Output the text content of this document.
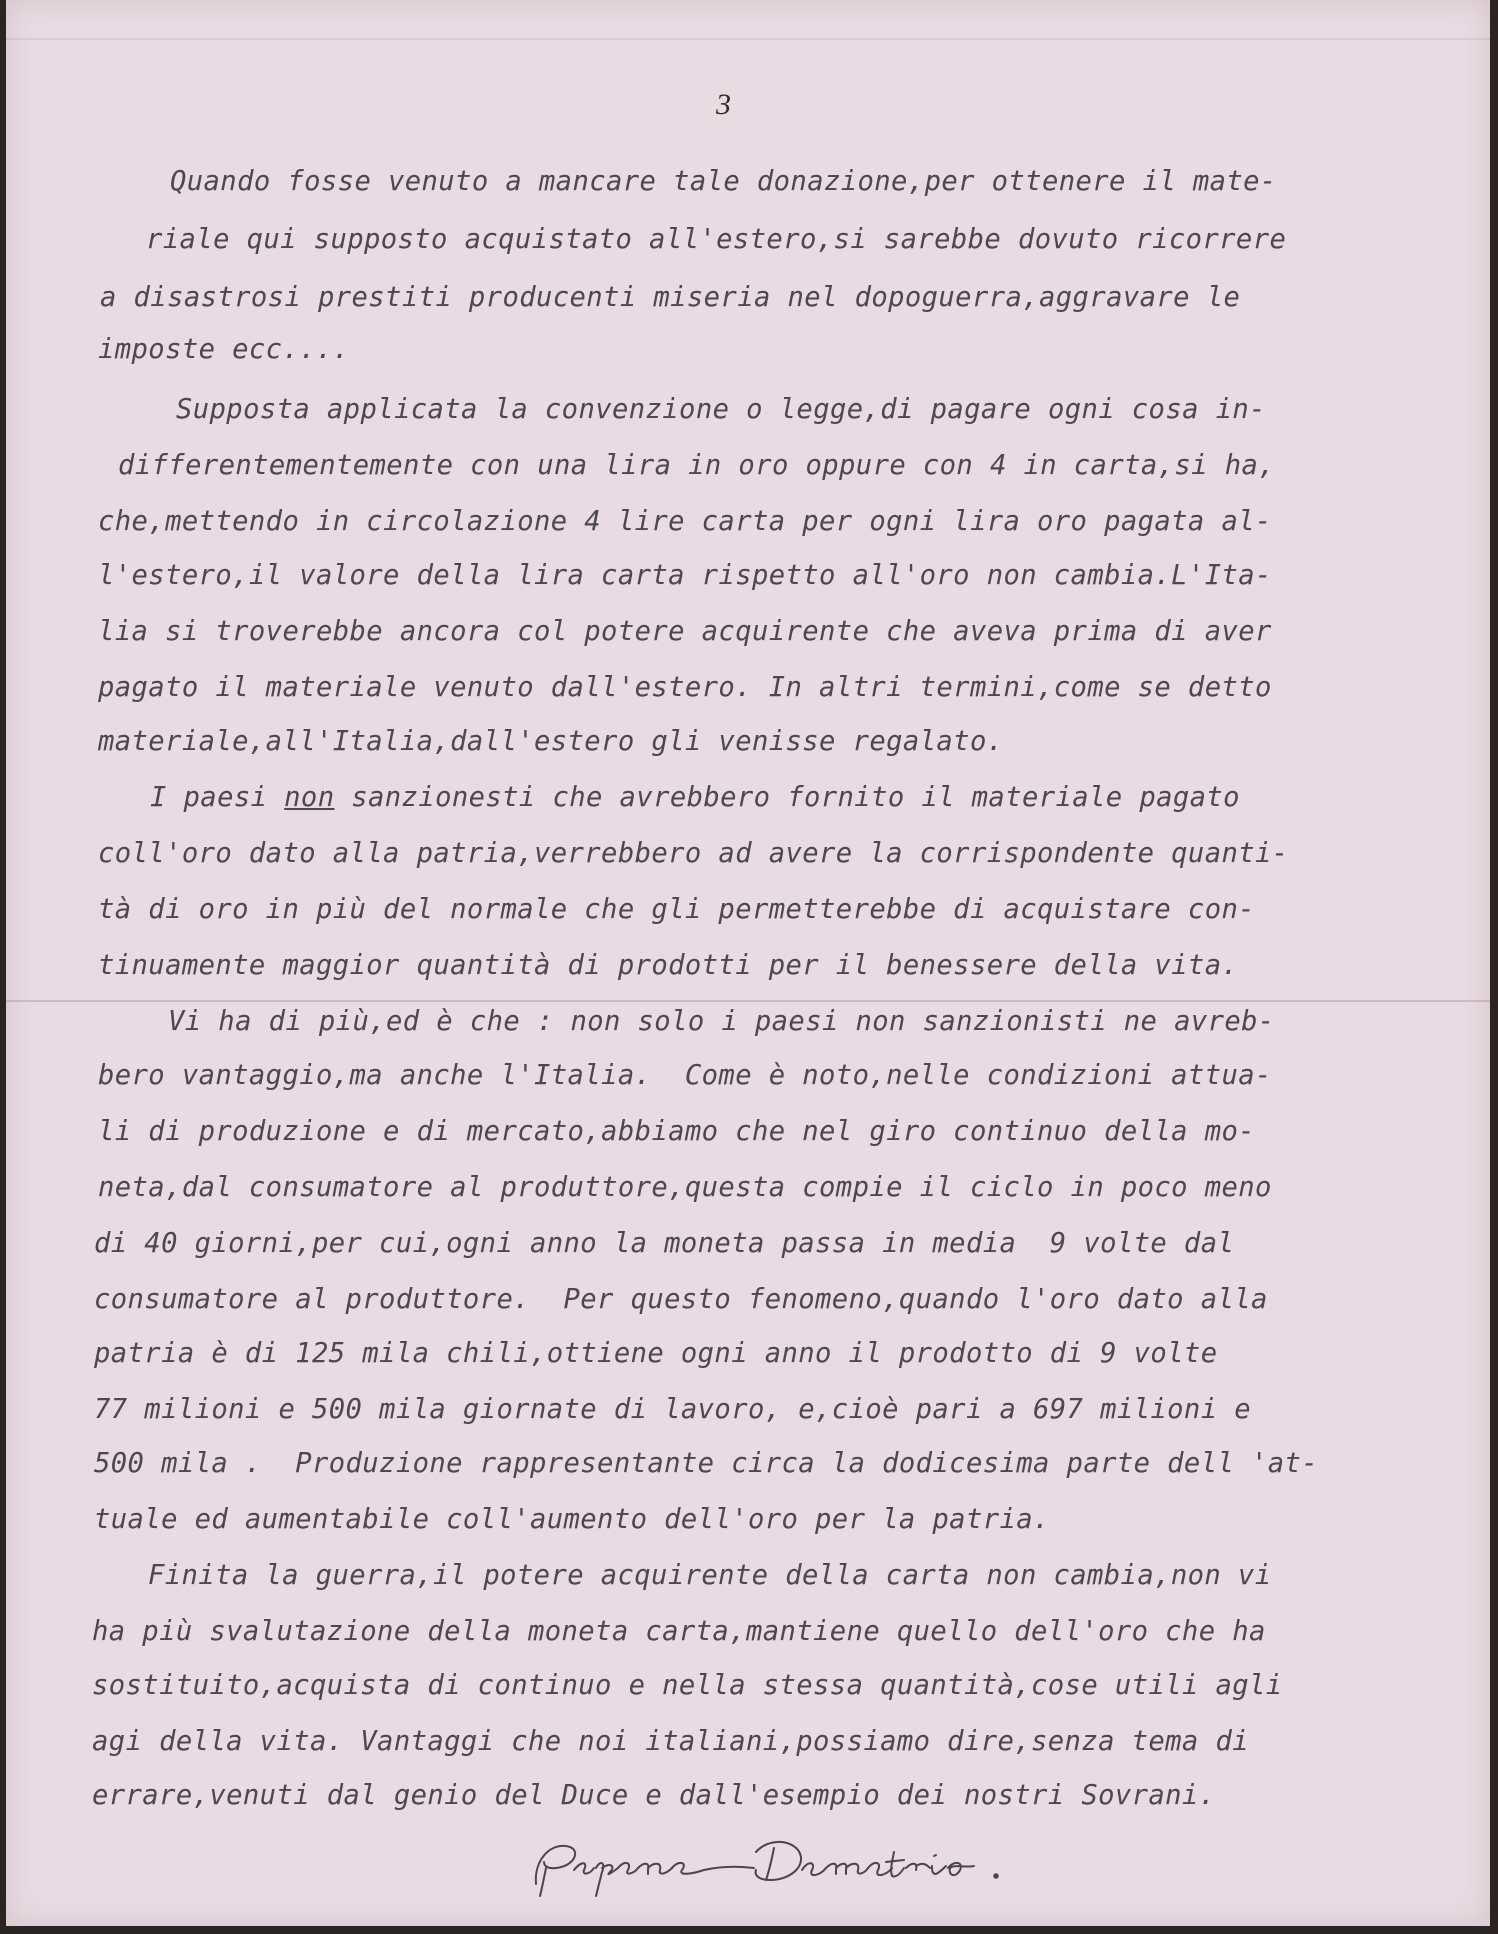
3
Quando fosse venuto a mancare tale donazione,per ottenere il mate-
riale qui supposto acquistato all'estero,si sarebbe dovuto ricorrere
a disastrosi prestiti producenti miseria nel dopoguerra,aggravare le
imposte ecc....
Supposta applicata la convenzione o legge,di pagare ogni cosa in-
differentementemente con una lira in oro oppure con 4 in carta,si ha,
che,mettendo in circolazione 4 lire carta per ogni lira oro pagata al-
l'estero,il valore della lira carta rispetto all'oro non cambia.L'Ita-
lia si troverebbe ancora col potere acquirente che aveva prima di aver
pagato il materiale venuto dall'estero. In altri termini,come se detto
materiale,all'Italia,dall'estero gli venisse regalato.
I paesi non sanzionesti che avrebbero fornito il materiale pagato
coll'oro dato alla patria,verrebbero ad avere la corrispondente quanti-
tà di oro in più del normale che gli permetterebbe di acquistare con-
tinuamente maggior quantità di prodotti per il benessere della vita.
Vi ha di più,ed è che : non solo i paesi non sanzionisti ne avreb-
bero vantaggio,ma anche l'Italia.  Come è noto,nelle condizioni attua-
li di produzione e di mercato,abbiamo che nel giro continuo della mo-
neta,dal consumatore al produttore,questa compie il ciclo in poco meno
di 40 giorni,per cui,ogni anno la moneta passa in media  9 volte dal
consumatore al produttore.  Per questo fenomeno,quando l'oro dato alla
patria è di 125 mila chili,ottiene ogni anno il prodotto di 9 volte
77 milioni e 500 mila giornate di lavoro, e,cioè pari a 697 milioni e
500 mila .  Produzione rappresentante circa la dodicesima parte dell 'at-
tuale ed aumentabile coll'aumento dell'oro per la patria.
Finita la guerra,il potere acquirente della carta non cambia,non vi
ha più svalutazione della moneta carta,mantiene quello dell'oro che ha
sostituito,acquista di continuo e nella stessa quantità,cose utili agli
agi della vita. Vantaggi che noi italiani,possiamo dire,senza tema di
errare,venuti dal genio del Duce e dall'esempio dei nostri Sovrani.
